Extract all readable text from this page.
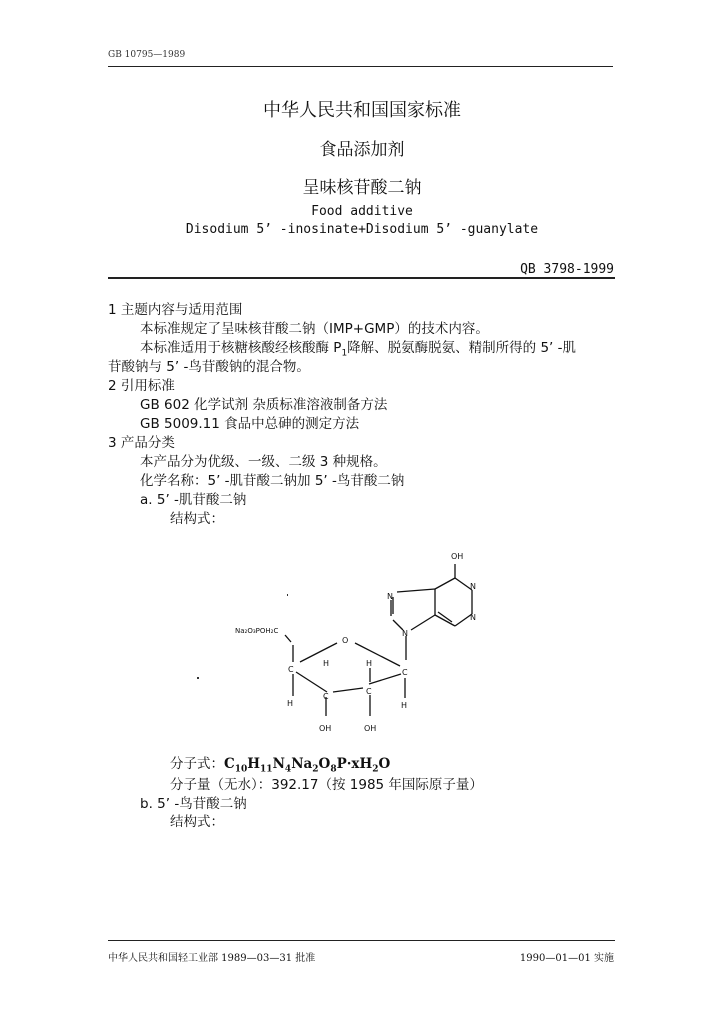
GB 10795—1989
中华人民共和国国家标准
食品添加剂
呈味核苷酸二钠
Food additive
Disodium 5’ -inosinate+Disodium 5’ -guanylate
QB 3798-1999
1 主题内容与适用范围
本标准规定了呈味核苷酸二钠（IMP+GMP）的技术内容。
本标准适用于核糖核酸经核酸酶 $P_1$降解、脱氨酶脱氨、精制所得的 5’ -肌
苷酸钠与 5’ -鸟苷酸钠的混合物。
2 引用标准
GB 602 化学试剂 杂质标准溶液制备方法
GB 5009.11 食品中总砷的测定方法
3 产品分类
本产品分为优级、一级、二级 3 种规格。
化学名称：5’ -肌苷酸二钠加 5’ -鸟苷酸二钠
a. 5’ -肌苷酸二钠
结构式：
OH
N
N
N
N
Na₂O₃POH₂C
O
C	C
C
C
H	H
H	H
OH	OH
分子式：$C_{10}H_{11}N_4Na_2O_8P\cdot xH_2O$
分子量（无水）：392.17（按 1985 年国际原子量）
b. 5’ -鸟苷酸二钠
结构式：
中华人民共和国轻工业部 1989—03—31 批准	1990—01—01 实施
